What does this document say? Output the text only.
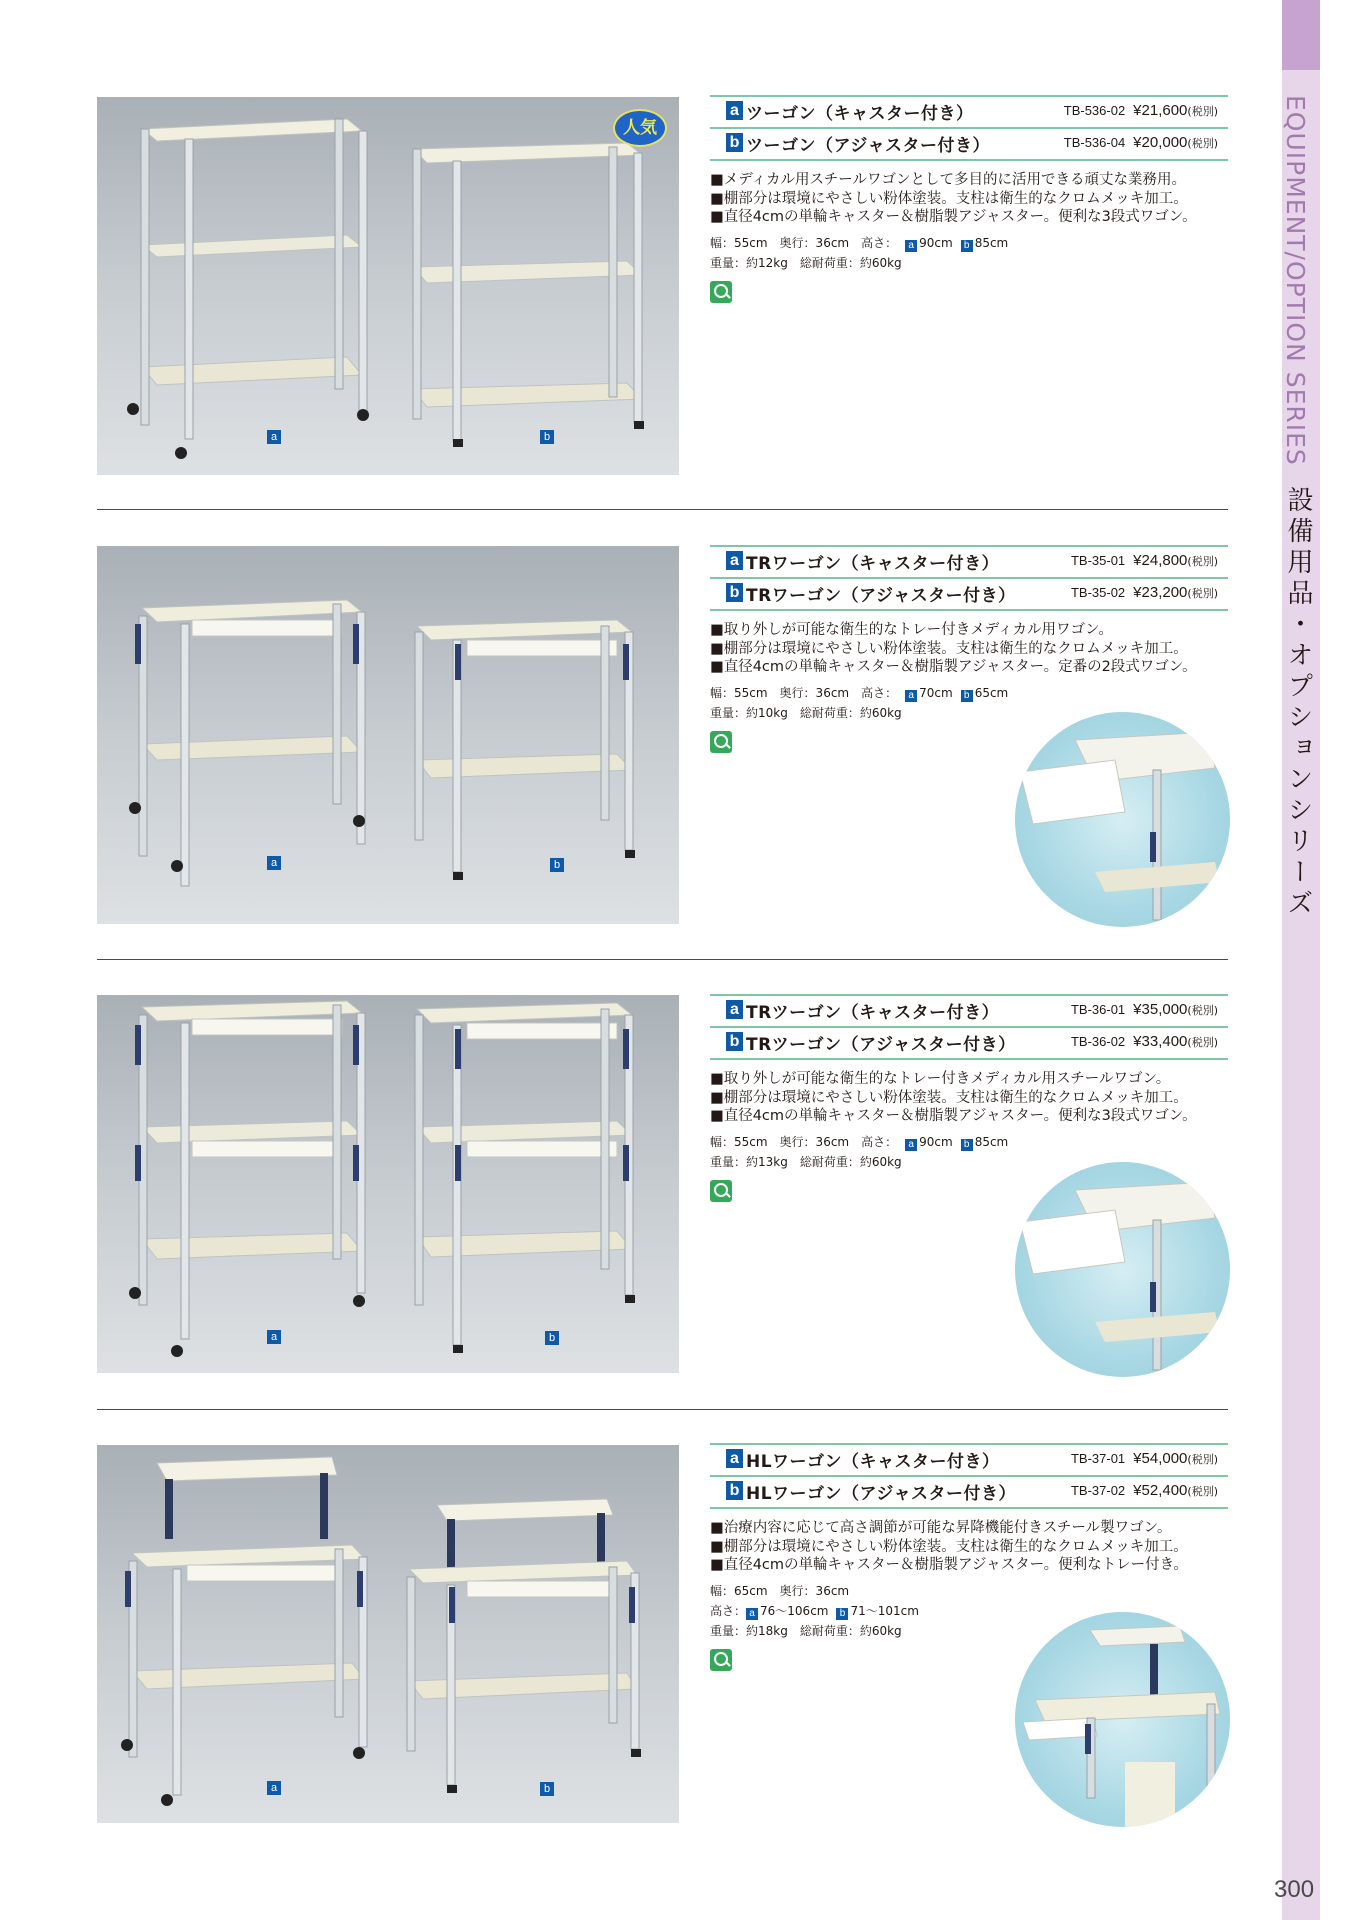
EQUIPMENT/OPTION SERIES
設備用品・オプションシリーズ
300
人気
a	b
a ツーゴン（キャスター付き）	TB-536-02 ¥21,600(税別)
b ツーゴン（アジャスター付き）	TB-536-04 ¥20,000(税別)
■ メディカル用スチールワゴンとして多目的に活用できる頑丈な業務用。
■ 棚部分は環境にやさしい粉体塗装。支柱は衛生的なクロムメッキ加工。
■ 直径4cmの単輪キャスター＆樹脂製アジャスター。便利な3段式ワゴン。
幅：55cm　奥行：36cm　高さ： a 90cm b 85cm
重量：約12kg　総耐荷重：約60kg
a	b
a TRワーゴン（キャスター付き）	TB-35-01 ¥24,800(税別)
b TRワーゴン（アジャスター付き）	TB-35-02 ¥23,200(税別)
■ 取り外しが可能な衛生的なトレー付きメディカル用ワゴン。
■ 棚部分は環境にやさしい粉体塗装。支柱は衛生的なクロムメッキ加工。
■ 直径4cmの単輪キャスター＆樹脂製アジャスター。定番の2段式ワゴン。
幅：55cm　奥行：36cm　高さ： a 70cm b 65cm
重量：約10kg　総耐荷重：約60kg
a	b
a TRツーゴン（キャスター付き）	TB-36-01 ¥35,000(税別)
b TRツーゴン（アジャスター付き）	TB-36-02 ¥33,400(税別)
■ 取り外しが可能な衛生的なトレー付きメディカル用スチールワゴン。
■ 棚部分は環境にやさしい粉体塗装。支柱は衛生的なクロムメッキ加工。
■ 直径4cmの単輪キャスター＆樹脂製アジャスター。便利な3段式ワゴン。
幅：55cm　奥行：36cm　高さ： a 90cm b 85cm
重量：約13kg　総耐荷重：約60kg
a	b
a HLワーゴン（キャスター付き）	TB-37-01 ¥54,000(税別)
b HLワーゴン（アジャスター付き）	TB-37-02 ¥52,400(税別)
■ 治療内容に応じて高さ調節が可能な昇降機能付きスチール製ワゴン。
■ 棚部分は環境にやさしい粉体塗装。支柱は衛生的なクロムメッキ加工。
■ 直径4cmの単輪キャスター＆樹脂製アジャスター。便利なトレー付き。
幅：65cm　奥行：36cm
高さ： a 76〜106cm b 71〜101cm
重量：約18kg　総耐荷重：約60kg
